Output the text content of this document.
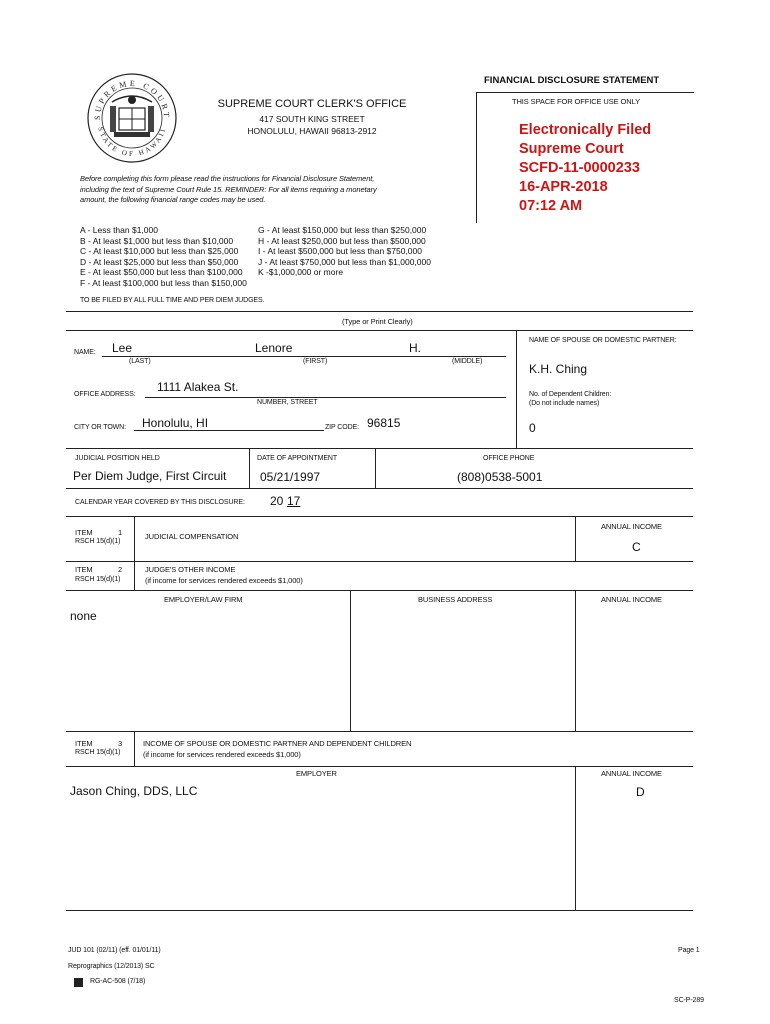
FINANCIAL DISCLOSURE STATEMENT
SUPREME COURT
STATE OF HAWAII
SUPREME COURT CLERK'S OFFICE
417 SOUTH KING STREET
HONOLULU, HAWAII 96813-2912
THIS SPACE FOR OFFICE USE ONLY
Electronically Filed
Supreme Court
SCFD-11-0000233
16-APR-2018
07:12 AM
Before completing this form please read the instructions for Financial Disclosure Statement,
including the text of Supreme Court Rule 15. REMINDER: For all items requiring a monetary
amount, the following financial range codes may be used.
A - Less than $1,000
B - At least $1,000 but less than $10,000
C - At least $10,000 but less than $25,000
D - At least $25,000 but less than $50,000
E - At least $50,000 but less than $100,000
F - At least $100,000 but less than $150,000
G - At least $150,000 but less than $250,000
H - At least $250,000 but less than $500,000
I - At least $500,000 but less than $750,000
J - At least $750,000 but less than $1,000,000
K -$1,000,000 or more
TO BE FILED BY ALL FULL TIME AND PER DIEM JUDGES.
(Type or Print Clearly)
NAME: Lee	Lenore	H.
(LAST)	(FIRST)	(MIDDLE)
NAME OF SPOUSE OR DOMESTIC PARTNER:
K.H. Ching
No. of Dependent Children:
(Do not include names)
0
OFFICE ADDRESS:
1111 Alakea St.
NUMBER, STREET
CITY OR TOWN: Honolulu, HI	ZIP CODE: 96815
JUDICIAL POSITION HELD
Per Diem Judge, First Circuit
DATE OF APPOINTMENT
05/21/1997
OFFICE PHONE
(808)0538-5001
CALENDAR YEAR COVERED BY THIS DISCLOSURE: 20 17
ITEM	1
RSCH 15(d)(1)
JUDICIAL COMPENSATION
ANNUAL INCOME
C
ITEM	2
RSCH 15(d)(1)
JUDGE'S OTHER INCOME
(if income for services rendered exceeds $1,000)
EMPLOYER/LAW FIRM	BUSINESS ADDRESS	ANNUAL INCOME
none
ITEM	3
RSCH 15(d)(1)
INCOME OF SPOUSE OR DOMESTIC PARTNER AND DEPENDENT CHILDREN
(if income for services rendered exceeds $1,000)
EMPLOYER	ANNUAL INCOME
Jason Ching, DDS, LLC	D
JUD 101 (02/11) (eff. 01/01/11)	Page 1
Reprographics (12/2013) SC
RG-AC-508 (7/18)
SC-P-289
